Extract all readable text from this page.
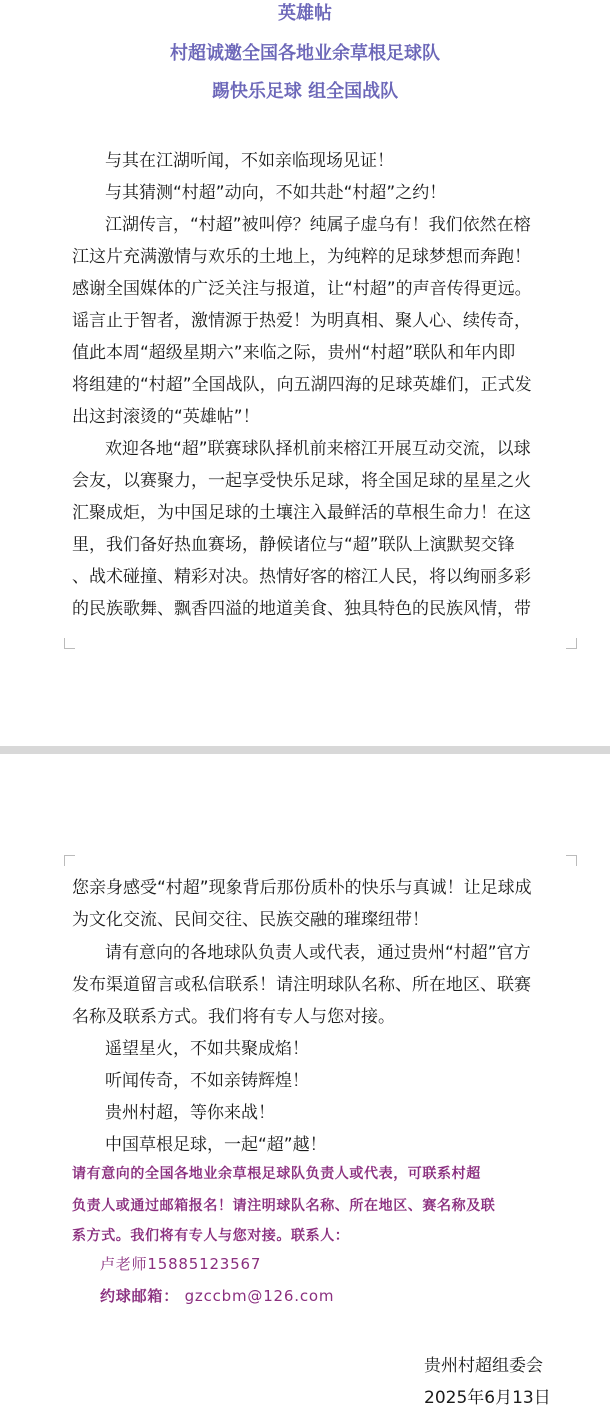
英雄帖
村超诚邀全国各地业余草根足球队
踢快乐足球 组全国战队
与其在江湖听闻，不如亲临现场见证！
与其猜测“村超”动向，不如共赴“村超”之约！
江湖传言，“村超”被叫停？纯属子虚乌有！我们依然在榕
江这片充满激情与欢乐的土地上，为纯粹的足球梦想而奔跑！
感谢全国媒体的广泛关注与报道，让“村超”的声音传得更远。
谣言止于智者，激情源于热爱！为明真相、聚人心、续传奇，
值此本周“超级星期六”来临之际，贵州“村超”联队和年内即
将组建的“村超”全国战队，向五湖四海的足球英雄们，正式发
出这封滚烫的“英雄帖”！
欢迎各地“超”联赛球队择机前来榕江开展互动交流，以球
会友，以赛聚力，一起享受快乐足球，将全国足球的星星之火
汇聚成炬，为中国足球的土壤注入最鲜活的草根生命力！在这
里，我们备好热血赛场，静候诸位与“超”联队上演默契交锋
、战术碰撞、精彩对决。热情好客的榕江人民，将以绚丽多彩
的民族歌舞、飘香四溢的地道美食、独具特色的民族风情，带
您亲身感受“村超”现象背后那份质朴的快乐与真诚！让足球成
为文化交流、民间交往、民族交融的璀璨纽带！
请有意向的各地球队负责人或代表，通过贵州“村超”官方
发布渠道留言或私信联系！请注明球队名称、所在地区、联赛
名称及联系方式。我们将有专人与您对接。
遥望星火，不如共聚成焰！
听闻传奇，不如亲铸辉煌！
贵州村超，等你来战！
中国草根足球，一起“超”越！
请有意向的全国各地业余草根足球队负责人或代表，可联系村超
负责人或通过邮箱报名！请注明球队名称、所在地区、赛名称及联
系方式。我们将有专人与您对接。联系人：
卢老师15885123567
约球邮箱： gzccbm@126.com
贵州村超组委会
2025年6月13日
